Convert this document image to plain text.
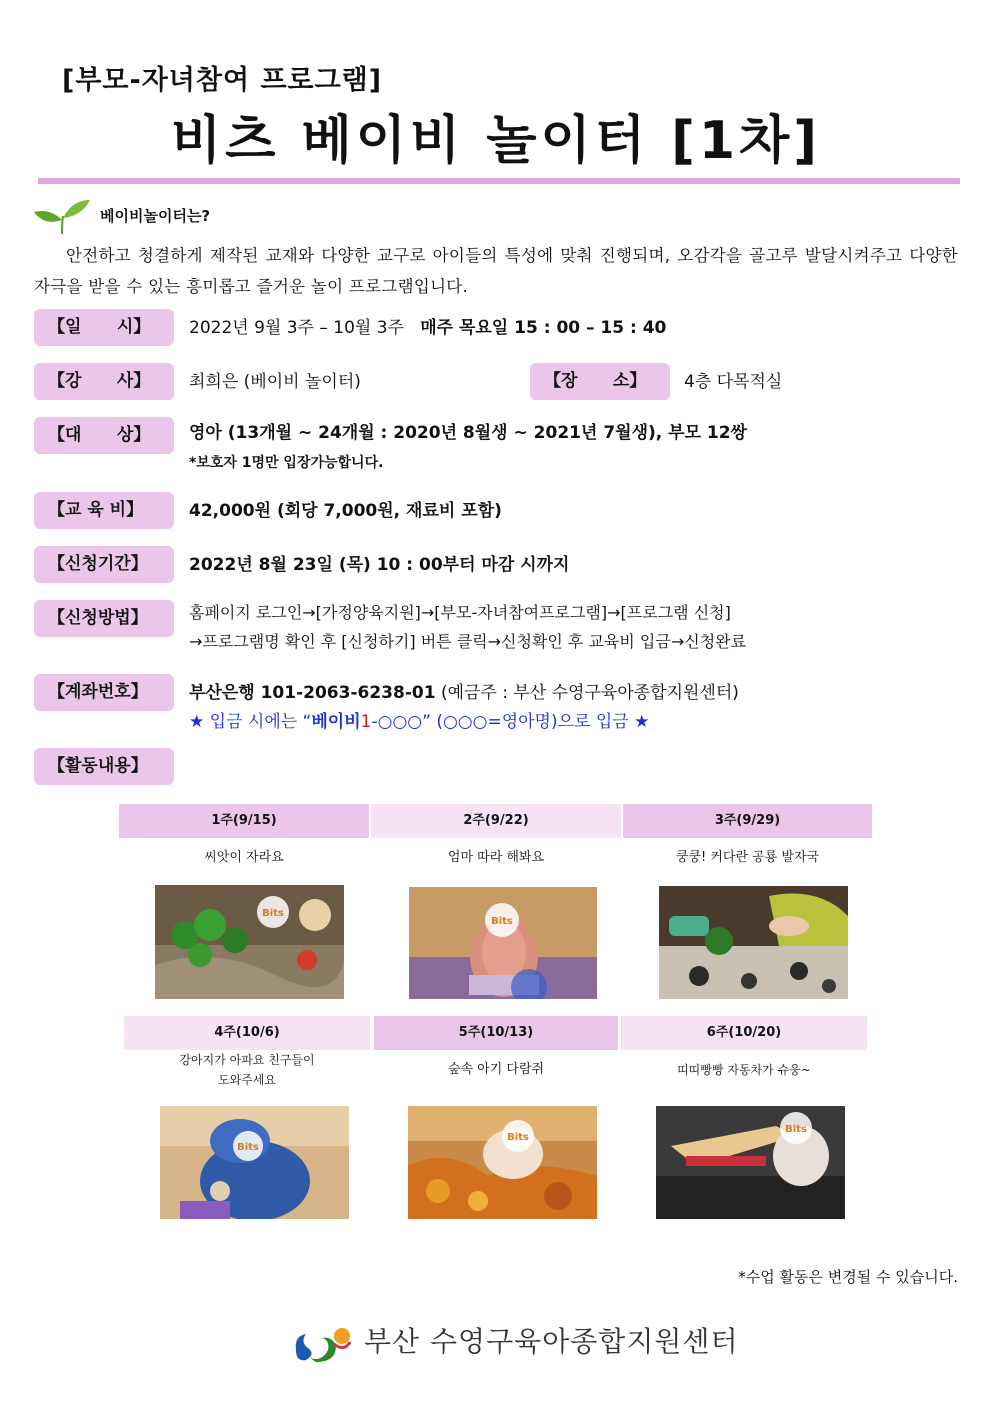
[부모-자녀참여 프로그램]
비츠 베이비 놀이터 [1차]
베이비놀이터는?
안전하고 청결하게 제작된 교재와 다양한 교구로 아이들의 특성에 맞춰 진행되며, 오감각을 골고루 발달시켜주고 다양한 자극을 받을 수 있는 흥미롭고 즐거운 놀이 프로그램입니다.
【일      시】	2022년 9월 3주 – 10월 3주 매주 목요일 15 : 00 – 15 : 40
【강      사】	최희은 (베이비 놀이터)	【장      소】	4층 다목적실
【대      상】	영아 (13개월 ~ 24개월 : 2020년 8월생 ~ 2021년 7월생), 부모 12쌍
*보호자 1명만 입장가능합니다.
【교 육 비】	42,000원 (회당 7,000원, 재료비 포함)
【신청기간】	2022년 8월 23일 (목) 10 : 00부터 마감 시까지
【신청방법】	홈페이지 로그인→[가정양육지원]→[부모-자녀참여프로그램]→[프로그램 신청]
→프로그램명 확인 후 [신청하기] 버튼 클릭→신청확인 후 교육비 입금→신청완료
【계좌번호】	부산은행 101-2063-6238-01 (예금주 : 부산 수영구육아종합지원센터)
★ 입금 시에는 “베이비1-○○○” (○○○=영아명)으로 입금 ★
【활동내용】
1주(9/15)	2주(9/22)	3주(9/29)
씨앗이 자라요	엄마 따라 해봐요	쿵쿵! 커다란 공룡 발자국
Bits
Bits
4주(10/6)	5주(10/13)	6주(10/20)
강아지가 아파요 친구들이
도와주세요
숲속 아기 다람쥐	띠띠빵빵 자동차가 슈웅~
Bits
Bits
Bits
*수업 활동은 변경될 수 있습니다.
부산 수영구육아종합지원센터
